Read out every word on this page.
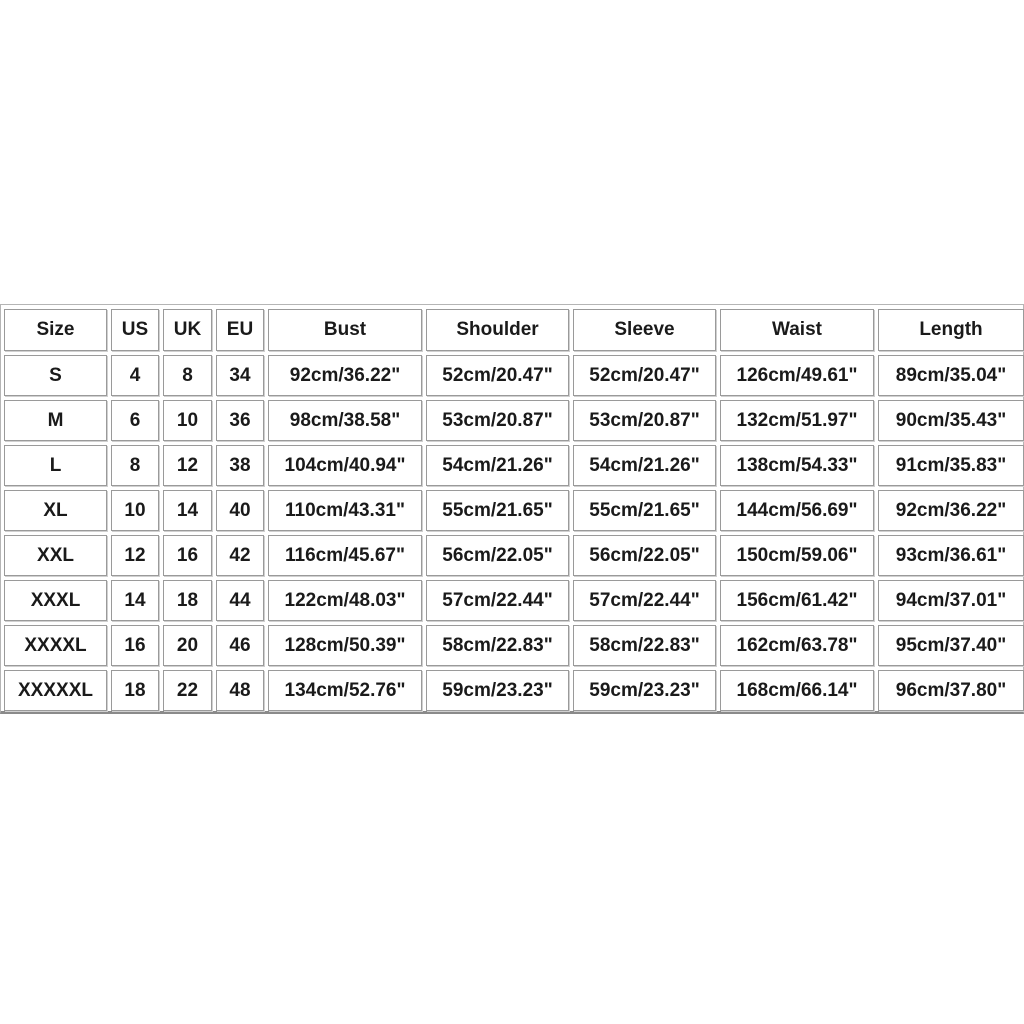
Size	US	UK	EU	Bust	Shoulder	Sleeve	Waist	Length
S	4	8	34	92cm/36.22"	52cm/20.47"	52cm/20.47"	126cm/49.61"	89cm/35.04"
M	6	10	36	98cm/38.58"	53cm/20.87"	53cm/20.87"	132cm/51.97"	90cm/35.43"
L	8	12	38	104cm/40.94"	54cm/21.26"	54cm/21.26"	138cm/54.33"	91cm/35.83"
XL	10	14	40	110cm/43.31"	55cm/21.65"	55cm/21.65"	144cm/56.69"	92cm/36.22"
XXL	12	16	42	116cm/45.67"	56cm/22.05"	56cm/22.05"	150cm/59.06"	93cm/36.61"
XXXL	14	18	44	122cm/48.03"	57cm/22.44"	57cm/22.44"	156cm/61.42"	94cm/37.01"
XXXXL	16	20	46	128cm/50.39"	58cm/22.83"	58cm/22.83"	162cm/63.78"	95cm/37.40"
XXXXXL	18	22	48	134cm/52.76"	59cm/23.23"	59cm/23.23"	168cm/66.14"	96cm/37.80"
